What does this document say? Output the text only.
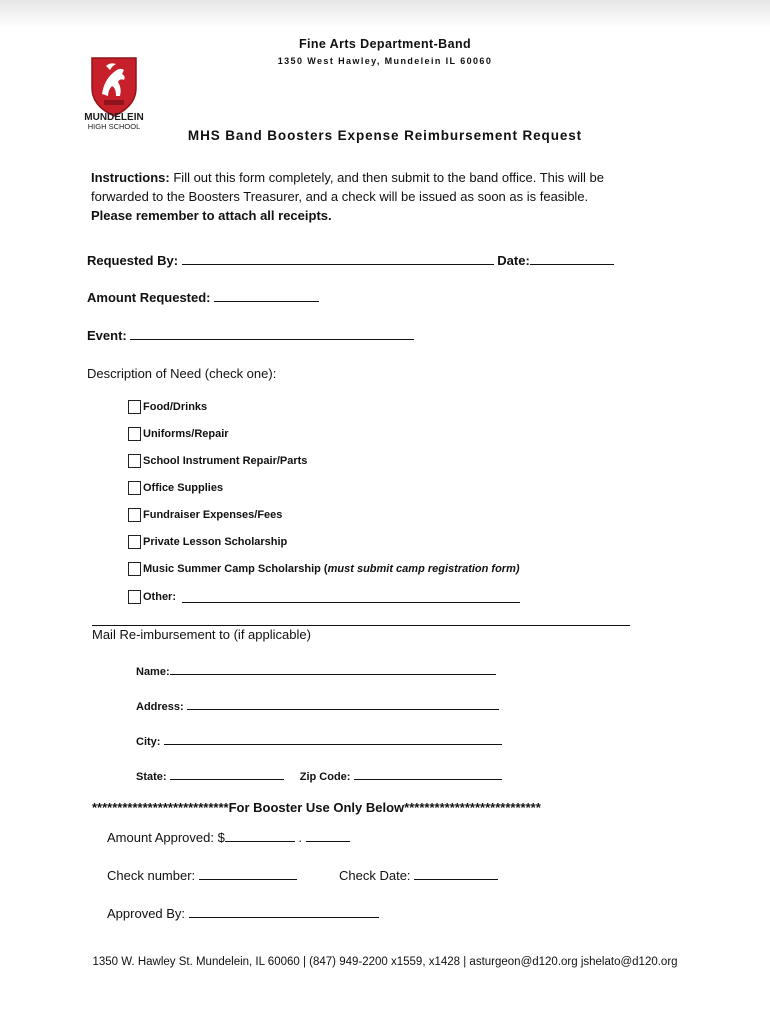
Fine Arts Department-Band
1350 West Hawley, Mundelein IL 60060
MUNDELEIN
HIGH SCHOOL
MHS Band Boosters Expense Reimbursement Request
Instructions: Fill out this form completely, and then submit to the band office. This will be
forwarded to the Boosters Treasurer, and a check will be issued as soon as is feasible.
Please remember to attach all receipts.
Requested By:	Date:
Amount Requested:
Event:
Description of Need (check one):
Food/Drinks
Uniforms/Repair
School Instrument Repair/Parts
Office Supplies
Fundraiser Expenses/Fees
Private Lesson Scholarship
Music Summer Camp Scholarship ( must submit camp registration form)
Other:
Mail Re-imbursement to (if applicable)
Name:
Address:
City:
State:	Zip Code:
***************************For Booster Use Only Below***************************
Amount Approved: $	.
Check number:	Check Date:
Approved By:
1350 W. Hawley St. Mundelein, IL 60060 | (847) 949-2200 x1559, x1428 | asturgeon@d120.org jshelato@d120.org
